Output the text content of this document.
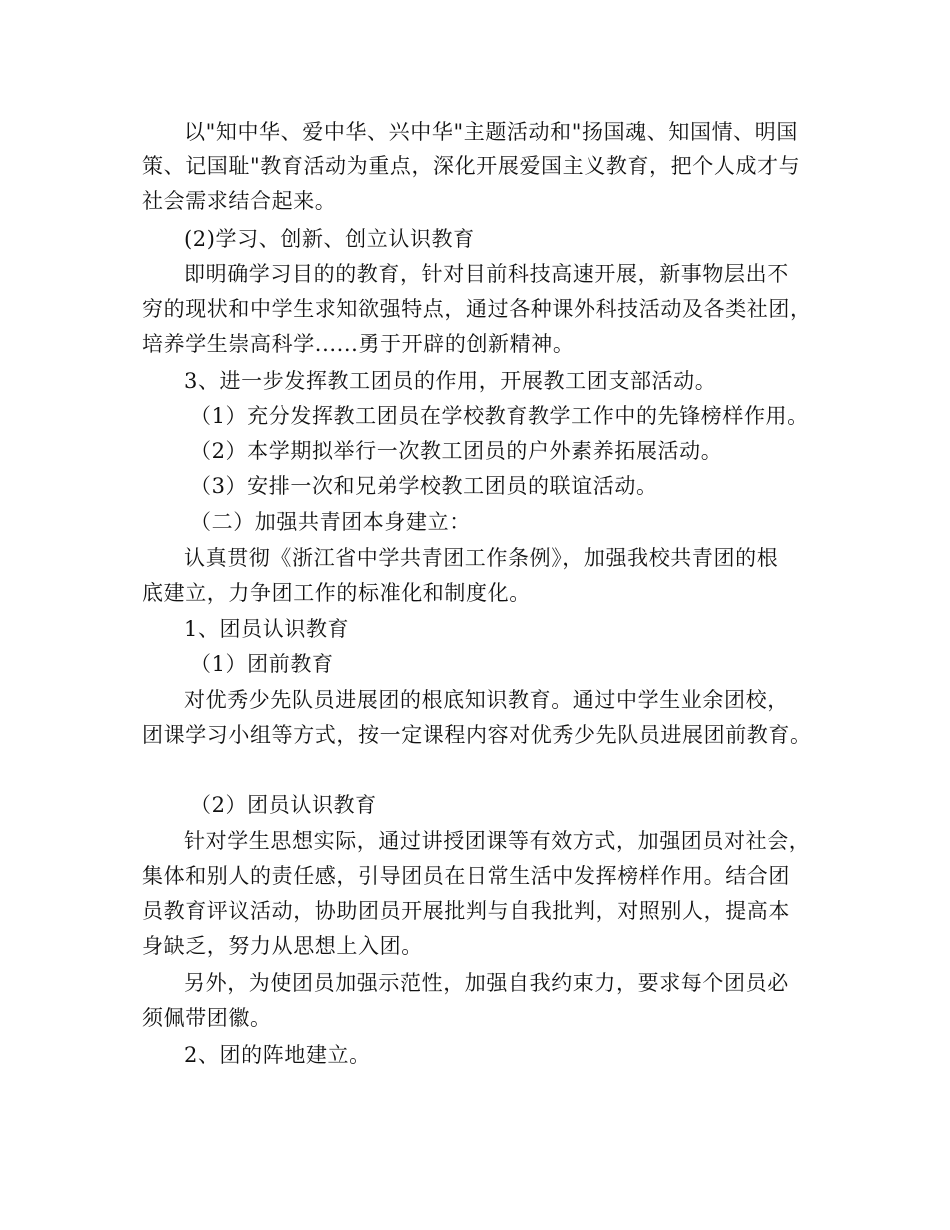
以"知中华、爱中华、兴中华"主题活动和"扬国魂、知国情、明国
策、记国耻"教育活动为重点，深化开展爱国主义教育，把个人成才与
社会需求结合起来。
(2)学习、创新、创立认识教育
即明确学习目的的教育，针对目前科技高速开展，新事物层出不
穷的现状和中学生求知欲强特点，通过各种课外科技活动及各类社团，
培养学生崇高科学......勇于开辟的创新精神。
3、进一步发挥教工团员的作用，开展教工团支部活动。
（1）充分发挥教工团员在学校教育教学工作中的先锋榜样作用。
（2）本学期拟举行一次教工团员的户外素养拓展活动。
（3）安排一次和兄弟学校教工团员的联谊活动。
（二）加强共青团本身建立：
认真贯彻《浙江省中学共青团工作条例》，加强我校共青团的根
底建立，力争团工作的标准化和制度化。
1、团员认识教育
（1）团前教育
对优秀少先队员进展团的根底知识教育。通过中学生业余团校，
团课学习小组等方式，按一定课程内容对优秀少先队员进展团前教育。
（2）团员认识教育
针对学生思想实际，通过讲授团课等有效方式，加强团员对社会，
集体和别人的责任感，引导团员在日常生活中发挥榜样作用。结合团
员教育评议活动，协助团员开展批判与自我批判，对照别人，提高本
身缺乏，努力从思想上入团。
另外，为使团员加强示范性，加强自我约束力，要求每个团员必
须佩带团徽。
2、团的阵地建立。
